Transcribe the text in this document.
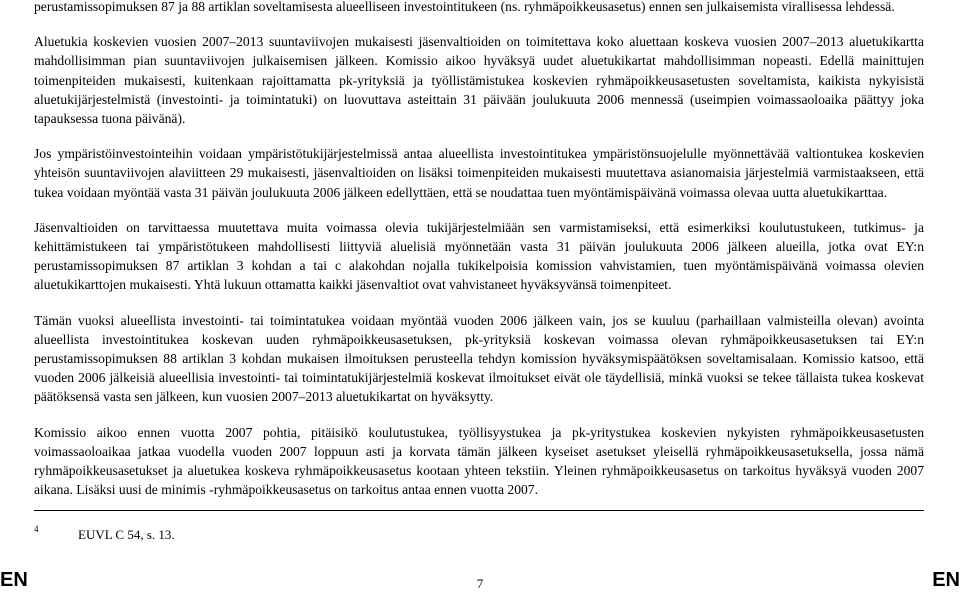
perustamissopimuksen 87 ja 88 artiklan soveltamisesta alueelliseen investointitukeen (ns. ryhmäpoikkeusasetus) ennen sen julkaisemista virallisessa lehdessä.

Aluetukia koskevien vuosien 2007–2013 suuntaviivojen mukaisesti jäsenvaltioiden on toimitettava koko aluettaan koskeva vuosien 2007–2013 aluetukikartta mahdollisimman pian suuntaviivojen julkaisemisen jälkeen. Komissio aikoo hyväksyä uudet aluetukikartat mahdollisimman nopeasti. Edellä mainittujen toimenpiteiden mukaisesti, kuitenkaan rajoittamatta pk-yrityksiä ja työllistämistukea koskevien ryhmäpoikkeusasetusten soveltamista, kaikista nykyisistä aluetukijärjestelmistä (investointi- ja toimintatuki) on luovuttava asteittain 31 päivään joulukuuta 2006 mennessä (useimpien voimassaoloaika päättyy joka tapauksessa tuona päivänä).

Jos ympäristöinvestointeihin voidaan ympäristötukijärjestelmissä antaa alueellista investointitukea ympäristönsuojelulle myönnettävää valtiontukea koskevien yhteisön suuntaviivojen alaviitteen 29 mukaisesti, jäsenvaltioiden on lisäksi toimenpiteiden mukaisesti muutettava asianomaisia järjestelmiä varmistaakseen, että tukea voidaan myöntää vasta 31 päivän joulukuuta 2006 jälkeen edellyttäen, että se noudattaa tuen myöntämispäivänä voimassa olevaa uutta aluetukikarttaa.

Jäsenvaltioiden on tarvittaessa muutettava muita voimassa olevia tukijärjestelmiään sen varmistamiseksi, että esimerkiksi koulutustukeen, tutkimus- ja kehittämistukeen tai ympäristötukeen mahdollisesti liittyviä aluelisiä myönnetään vasta 31 päivän joulukuuta 2006 jälkeen alueilla, jotka ovat EY:n perustamissopimuksen 87 artiklan 3 kohdan a tai c alakohdan nojalla tukikelpoisia komission vahvistamien, tuen myöntämispäivänä voimassa olevien aluetukikarttojen mukaisesti. Yhtä lukuun ottamatta kaikki jäsenvaltiot ovat vahvistaneet hyväksyvänsä toimenpiteet.

Tämän vuoksi alueellista investointi- tai toimintatukea voidaan myöntää vuoden 2006 jälkeen vain, jos se kuuluu (parhaillaan valmisteilla olevan) avointa alueellista investointitukea koskevan uuden ryhmäpoikkeusasetuksen, pk-yrityksiä koskevan voimassa olevan ryhmäpoikkeusasetuksen tai EY:n perustamissopimuksen 88 artiklan 3 kohdan mukaisen ilmoituksen perusteella tehdyn komission hyväksymispäätöksen soveltamisalaan. Komissio katsoo, että vuoden 2006 jälkeisiä alueellisia investointi- tai toimintatukijärjestelmiä koskevat ilmoitukset eivät ole täydellisiä, minkä vuoksi se tekee tällaista tukea koskevat päätöksensä vasta sen jälkeen, kun vuosien 2007–2013 aluetukikartat on hyväksytty.

Komissio aikoo ennen vuotta 2007 pohtia, pitäisikö koulutustukea, työllisyystukea ja pk-yritystukea koskevien nykyisten ryhmäpoikkeusasetusten voimassaoloaikaa jatkaa vuodella vuoden 2007 loppuun asti ja korvata tämän jälkeen kyseiset asetukset yleisellä ryhmäpoikkeusasetuksella, jossa nämä ryhmäpoikkeusasetukset ja aluetukea koskeva ryhmäpoikkeusasetus kootaan yhteen tekstiin. Yleinen ryhmäpoikkeusasetus on tarkoitus hyväksyä vuoden 2007 aikana. Lisäksi uusi de minimis -ryhmäpoikkeusasetus on tarkoitus antaa ennen vuotta 2007.

4	EUVL C 54, s. 13.
EN	7	EN
